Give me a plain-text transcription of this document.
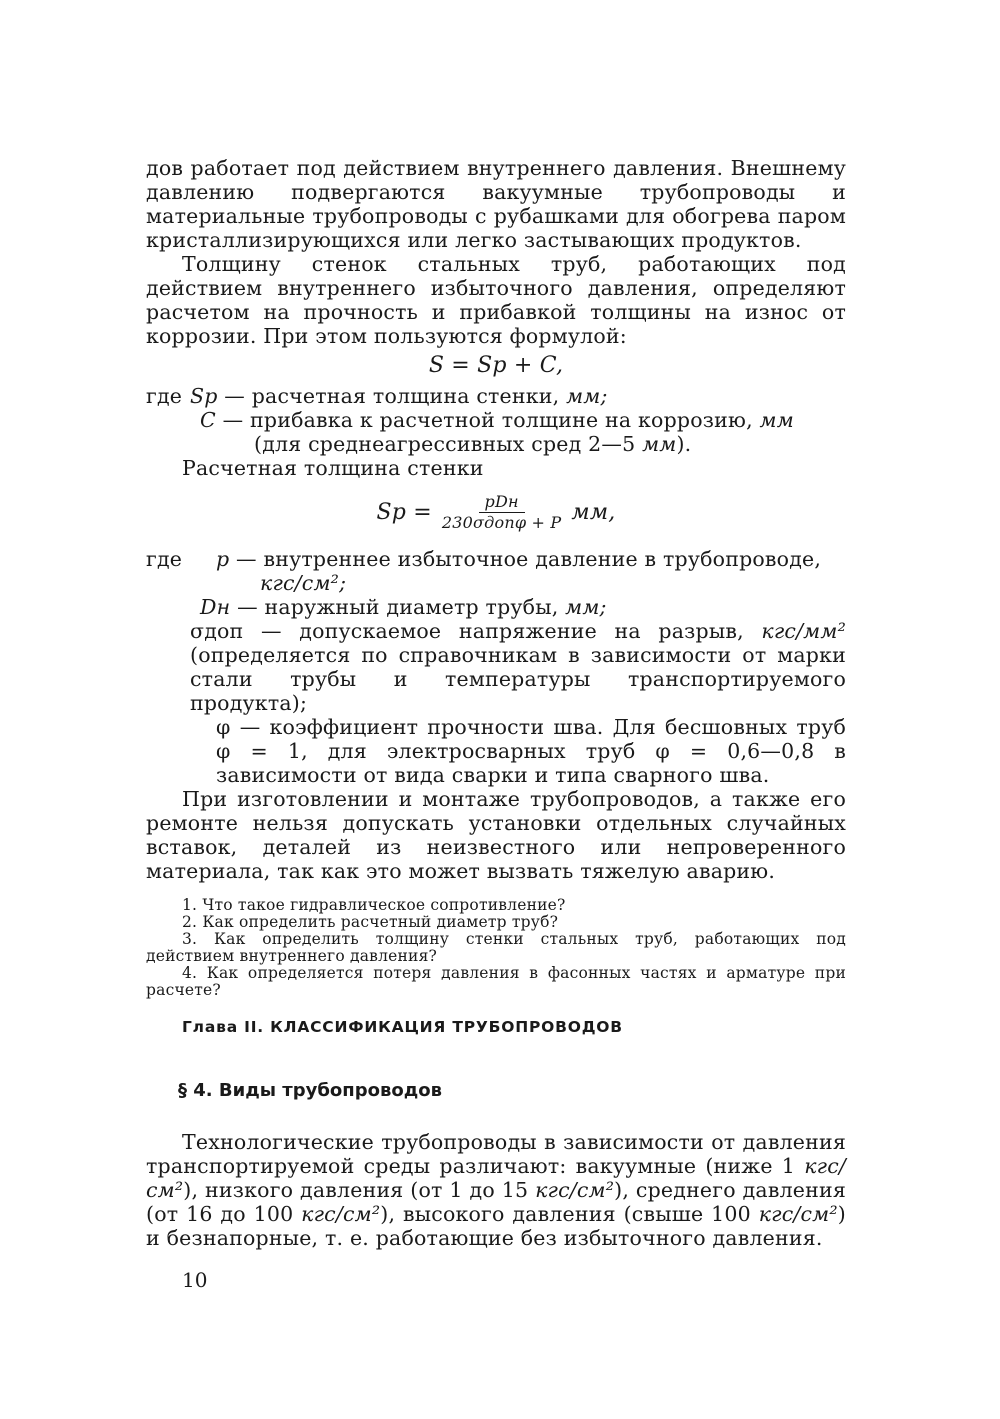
дов работает под действием внутреннего давления. Внешнему давлению подвергаются вакуумные трубопроводы и материальные трубопроводы с рубашками для обогрева паром кристаллизирующихся или легко застывающих продуктов.

Толщину стенок стальных труб, работающих под действием внутреннего избыточного давления, определяют расчетом на прочность и прибавкой толщины на износ от коррозии. При этом пользуются формулой:

S = Sр + C,

где Sр — расчетная толщина стенки, мм;
C — прибавка к расчетной толщине на коррозию, мм
(для среднеагрессивных сред 2—5 мм).

Расчетная толщина стенки

Sр = $\frac{\text{pDн}}{\text{230σдопφ + P}}$ мм,
где	p — внутреннее избыточное давление в трубопроводе,
кгс/см²;
Dн — наружный диаметр трубы, мм;
σдоп — допускаемое напряжение на разрыв, кгс/мм² (определяется по справочникам в зависимости от марки стали трубы и температуры транспортируемого продукта);
φ — коэффициент прочности шва. Для бесшовных труб φ = 1, для электросварных труб φ = 0,6—0,8 в зависимости от вида сварки и типа сварного шва.

При изготовлении и монтаже трубопроводов, а также его ремонте нельзя допускать установки отдельных случайных вставок, деталей из неизвестного или непроверенного материала, так как это может вызвать тяжелую аварию.

1. Что такое гидравлическое сопротивление?

2. Как определить расчетный диаметр труб?

3. Как определить толщину стенки стальных труб, работающих под действием внутреннего давления?

4. Как определяется потеря давления в фасонных частях и арматуре при расчете?

Глава II. КЛАССИФИКАЦИЯ ТРУБОПРОВОДОВ
§ 4. Виды трубопроводов

Технологические трубопроводы в зависимости от давления транспортируемой среды различают: вакуумные (ниже 1 кгс/см²), низкого давления (от 1 до 15 кгс/см²), среднего давления (от 16 до 100 кгс/см²), высокого давления (свыше 100 кгс/см²) и безнапорные, т. е. работающие без избыточного давления.

10
